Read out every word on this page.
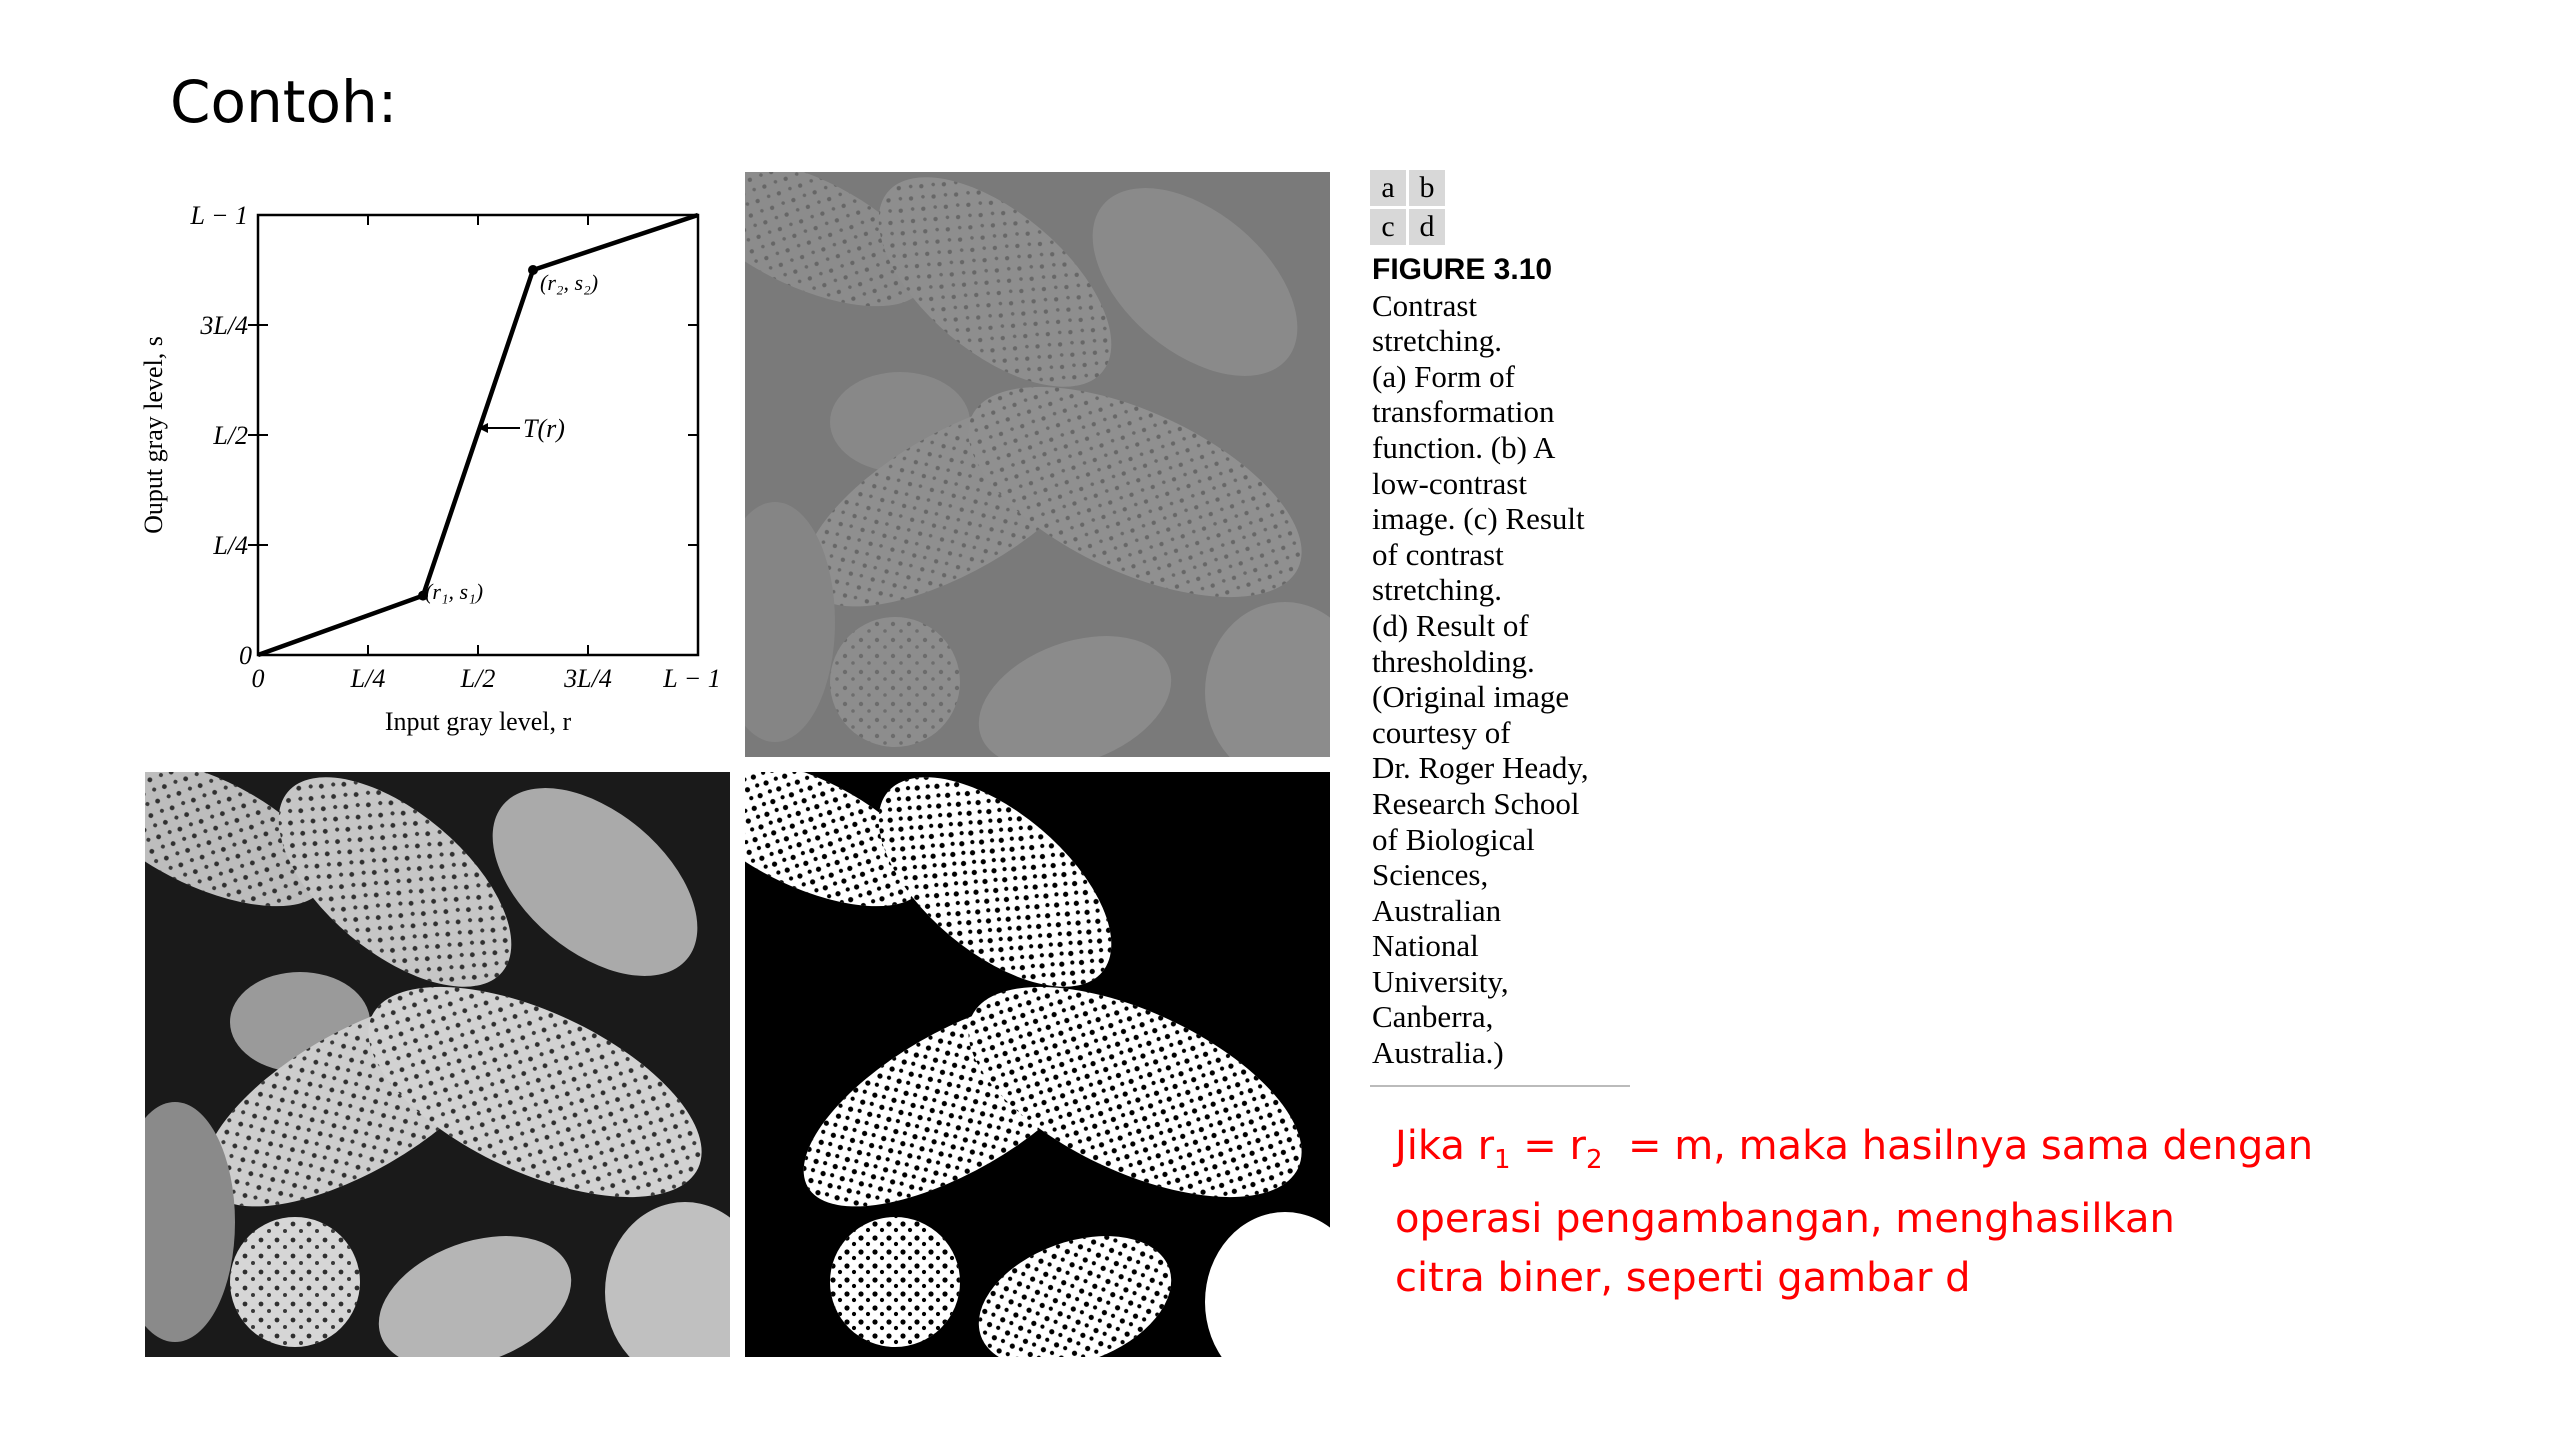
Contoh:
L − 1
3L/4
L/2
L/4
0
0	L/4	L/2	3L/4 L − 1
Input gray level, r
Ouput gray level, s
(r₁, s₁)
(r₂, s₂)
T(r)
a b
c d
FIGURE 3.10
Contrast
stretching.
(a) Form of
transformation
function. (b) A
low-contrast
image. (c) Result
of contrast
stretching.
(d) Result of
thresholding.
(Original image
courtesy of
Dr. Roger Heady,
Research School
of Biological
Sciences,
Australian
National
University,
Canberra,
Australia.)
Jika $r_1 = r_2 = m$, maka hasilnya sama dengan
operasi pengambangan, menghasilkan
citra biner, seperti gambar d
